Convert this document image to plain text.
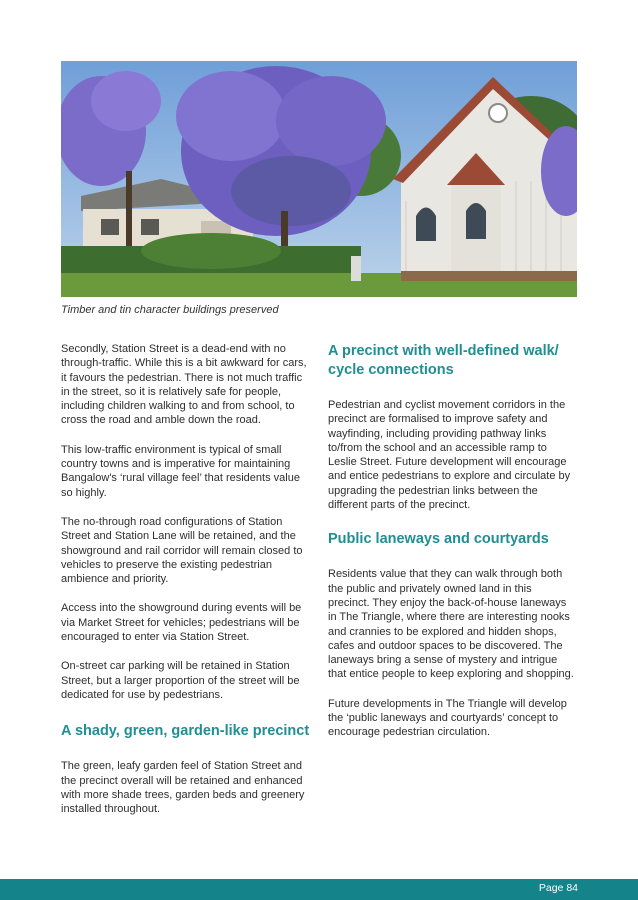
Timber and tin character buildings preserved

Secondly, Station Street is a dead-end with no through-traffic. While this is a bit awkward for cars, it favours the pedestrian. There is not much traffic in the street, so it is relatively safe for people, including children walking to and from school, to cross the road and amble down the road.

This low-traffic environment is typical of small country towns and is imperative for maintaining Bangalow's ‘rural village feel’ that residents value so highly.

The no-through road configurations of Station Street and Station Lane will be retained, and the showground and rail corridor will remain closed to vehicles to preserve the existing pedestrian ambience and priority.

Access into the showground during events will be via Market Street for vehicles; pedestrians will be encouraged to enter via Station Street.

On-street car parking will be retained in Station Street, but a larger proportion of the street will be dedicated for use by pedestrians.

A shady, green, garden-like precinct

The green, leafy garden feel of Station Street and the precinct overall will be retained and enhanced with more shade trees, garden beds and greenery installed throughout.

A precinct with well-defined walk/ cycle connections

Pedestrian and cyclist movement corridors in the precinct are formalised to improve safety and wayfinding, including providing pathway links to/from the school and an accessible ramp to Leslie Street. Future development will encourage and entice pedestrians to explore and circulate by upgrading the pedestrian links between the different parts of the precinct.

Public laneways and courtyards

Residents value that they can walk through both the public and privately owned land in this precinct. They enjoy the back-of-house laneways in The Triangle, where there are interesting nooks and crannies to be explored and hidden shops, cafes and outdoor spaces to be discovered. The laneways bring a sense of mystery and intrigue that entice people to keep exploring and shopping.

Future developments in The Triangle will develop the ‘public laneways and courtyards’ concept to encourage pedestrian circulation.

Page 84
